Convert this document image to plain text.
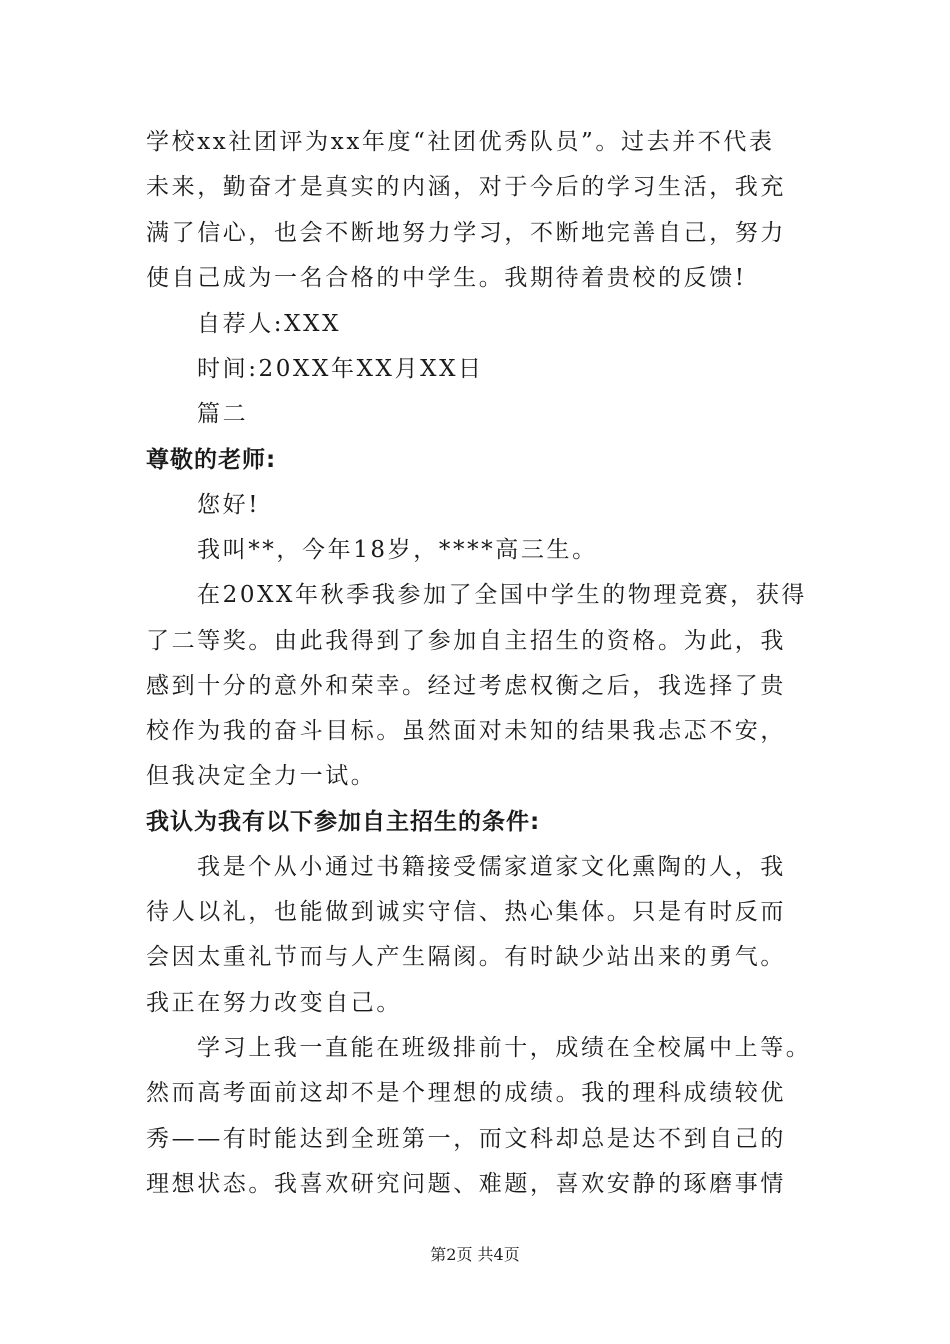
学校xx社团评为xx年度“社团优秀队员”。过去并不代表
未来，勤奋才是真实的内涵，对于今后的学习生活，我充
满了信心，也会不断地努力学习，不断地完善自己，努力
使自己成为一名合格的中学生。我期待着贵校的反馈!
自荐人:XXX
时间:20XX年XX月XX日
篇二
尊敬的老师:
您好!
我叫**，今年18岁，****高三生。
在20XX年秋季我参加了全国中学生的物理竞赛，获得
了二等奖。由此我得到了参加自主招生的资格。为此，我
感到十分的意外和荣幸。经过考虑权衡之后，我选择了贵
校作为我的奋斗目标。虽然面对未知的结果我忐忑不安，
但我决定全力一试。
我认为我有以下参加自主招生的条件:
我是个从小通过书籍接受儒家道家文化熏陶的人，我
待人以礼，也能做到诚实守信、热心集体。只是有时反而
会因太重礼节而与人产生隔阂。有时缺少站出来的勇气。
我正在努力改变自己。
学习上我一直能在班级排前十，成绩在全校属中上等。
然而高考面前这却不是个理想的成绩。我的理科成绩较优
秀——有时能达到全班第一，而文科却总是达不到自己的
理想状态。我喜欢研究问题、难题，喜欢安静的琢磨事情
第2页 共4页
